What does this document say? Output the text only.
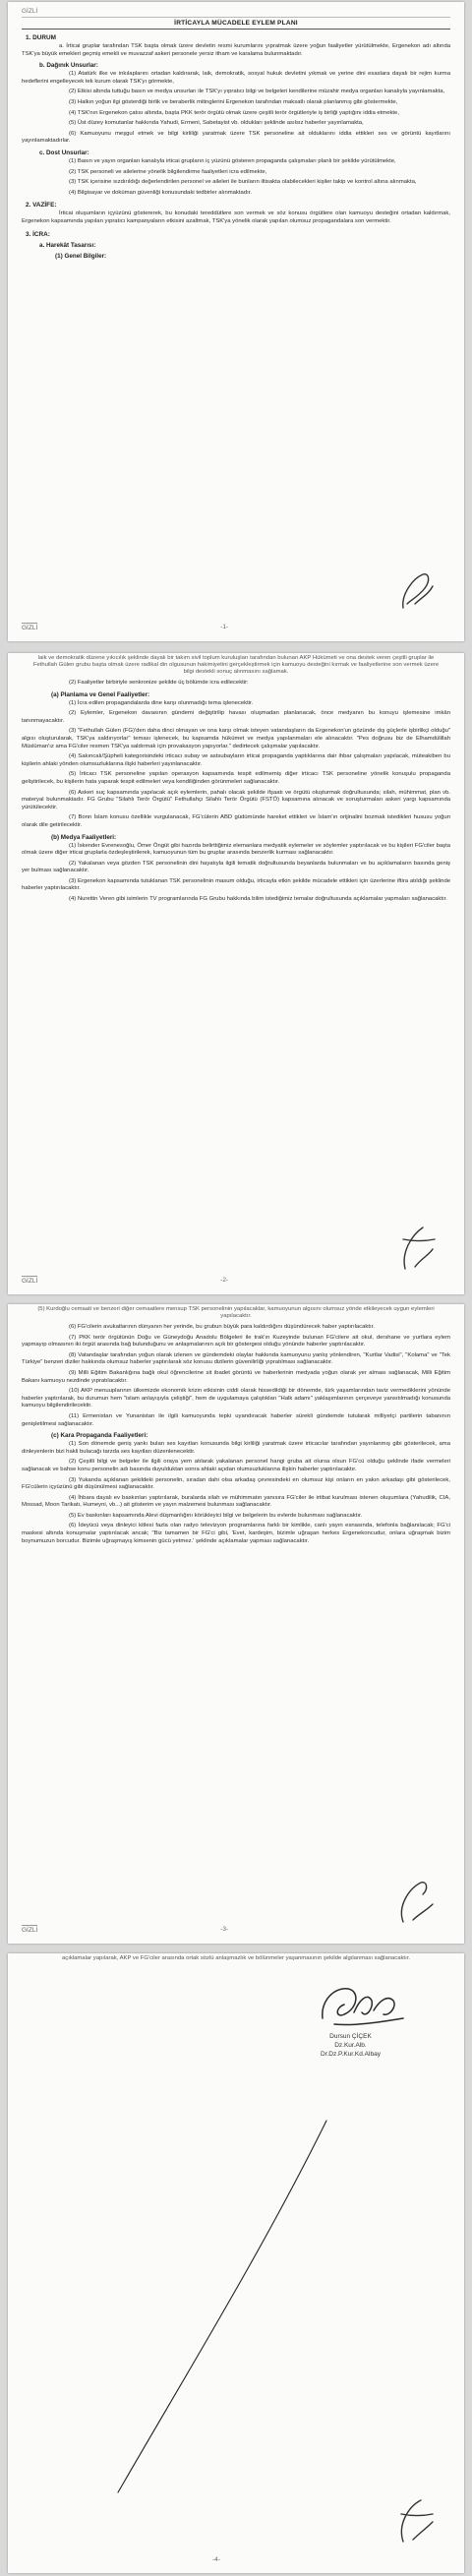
GİZLİ
İRTİCAYLA MÜCADELE EYLEM PLANI
1. DURUM

a. İrticai gruplar tarafından TSK başta olmak üzere devletin resmi kurumlarını yıpratmak üzere yoğun faaliyetler yürütülmekte, Ergenekon adı altında TSK'ya büyük emekleri geçmiş emekli ve muvazzaf askeri personele yersiz itham ve karalama bulunmaktadır.

b. Dağınık Unsurlar:

(1) Atatürk ilke ve inkılaplarını ortadan kaldırarak, laik, demokratik, sosyal hukuk devletini yıkmak ve yerine dini esaslara dayalı bir rejim kurma hedeflerini engelleyecek tek kurum olarak TSK'yı görmekte,

(2) Etkisi altında tuttuğu basın ve medya unsurları ile TSK'yı yıpratıcı bilgi ve belgeleri kendilerine müzahir medya organları kanalıyla yayınlamakta,

(3) Halkın yoğun ilgi gösterdiği birlik ve beraberlik mitinglerini Ergenekon tarafından maksatlı olarak planlanmış gibi göstermekte,

(4) TSK'nın Ergenekon çatısı altında, başta PKK terör örgütü olmak üzere çeşitli terör örgütleriyle iş birliği yaptığını iddia etmekte,

(5) Üst düzey komutanlar hakkında Yahudi, Ermeni, Sabetayist vb. oldukları şeklinde asılsız haberler yayınlamakta,

(6) Kamuoyunu meşgul etmek ve bilgi kirliliği yaratmak üzere TSK personeline ait olduklarını iddia ettikleri ses ve görüntü kayıtlarını yayınlamaktadırlar.

c. Dost Unsurlar:

(1) Basın ve yayın organları kanalıyla irticai grupların iç yüzünü gösteren propaganda çalışmaları planlı bir şekilde yürütülmekte,

(2) TSK personeli ve ailelerine yönelik bilgilendirme faaliyetleri icra edilmekte,

(3) TSK içerisine sızdırıldığı değerlendirilen personel ve aileleri ile bunların iltisakta olabilecekleri kişiler takip ve kontrol altına alınmakta,

(4) Bilgisayar ve doküman güvenliği konusundaki tedbirler alınmaktadır.

2. VAZİFE:

İrticai oluşumların içyüzünü göstererek, bu konudaki tereddütlere son vermek ve söz konusu örgütlere olan kamuoyu desteğini ortadan kaldırmak, Ergenekon kapsamında yapılan yıpratıcı kampanyaların etkisini azaltmak, TSK'ya yönelik olarak yapılan olumsuz propagandalara son vermektir.

3. İCRA:
a. Harekât Tasarısı:
(1) Genel Bilgiler:
GİZLİ	-1-
laik ve demokratik düzene yıkıcılık şeklinde dayalı bir takım sivil toplum kuruluşları tarafından bulunan AKP Hükümeti ve ona destek veren çeşitli gruplar ile Fethullah Gülen grubu başta olmak üzere radikal din olgusunun hakimiyetini gerçekleştirmek için kamuoyu desteğini kırmak ve faaliyetlerine son vermek üzere bilgi destekli sonuç alınmasını sağlamak.

(2) Faaliyetler birbiriyle senkronize şekilde üç bölümde icra edilecektir:

(a) Planlama ve Genel Faaliyetler:

(1) İcra edilen propagandalarda dine karşı olunmadığı tema işlenecektir.

(2) Eylemler, Ergenekon davasının gündemi değiştirilip havası oluşmadan planlanacak, önce medyanın bu konuyu işlemesine imkân tanınmayacaktır.

(3) "Fethullah Gülen (FG)'den daha dinci olmayan ve ona karşı olmak isteyen vatandaşların da Ergenekon'un gözünde dış güçlerle işbirlikçi olduğu" algısı oluşturularak, TSK'ya saldırıyorlar" teması işlenecek, bu kapsamda hükümet ve medya yapılanmaları ele alınacaktır. "Pes doğrusu biz de Elhamdülillah Müslüman'ız ama FG'ciler resmen TSK'ya saldırmak için provakasyon yapıyorlar." dedirtecek çalışmalar yapılacaktır.

(4) Sakıncalı/Şüpheli kategorisindeki irticacı subay ve astsubayların irticai propaganda yaptıklarına dair ihbar çalışmaları yapılacak, müteakiben bu kişilerin ahlaki yönden olumsuzluklarına ilişki haberleri yayınlanacaktır.

(5) İrticacı TSK personeline yapılan operasyon kapsamında tespit edilmemiş diğer irticacı TSK personeline yönelik konuşulu propaganda geliştirilecek, bu kişilerin hata yaparak tespit edilmeleri veya kendiliğinden görünmeleri sağlanacaktır.

(6) Askeri suç kapsamında yapılacak açık eylemlerin, pahalı olacak şekilde ifşaatı ve örgütü oluşturmak doğrultusunda; silah, mühimmat, plan vb. materyal bulunmaktadır. FG Grubu "Silahlı Terör Örgütü" Fethullahçı Silahlı Terör Örgütü (FSTÖ) kapsamına alınacak ve soruşturmaları askeri yargı kapsamında yürütülecektir.

(7) Bonn İslam konusu özellikle vurgulanacak, FG'cülerin ABD güdümünde hareket ettikleri ve İslam'ın orijinalini bozmak istedikleri hususu yoğun olarak dile getirilecektir.

(b) Medya Faaliyetleri:

(1) İskender Evrenesoğlu, Ömer Öngüt gibi hazırda belirttiğimiz elemanlara medyatik eylemeler ve söylemler yaptırılacak ve bu kişileri FG'ciler başta olmak üzere diğer irticai gruplarla özdeşleştirilerek, kamuoyunun tüm bu gruplar arasında benzerlik kurması sağlanacaktır.

(2) Yakalanan veya gözden TSK personelinin dini hayatıyla ilgili tematik doğrultusunda beyanlarda bulunmaları ve bu açıklamaların basında geniş yer bulması sağlanacaktır.

(3) Ergenekon kapsamında tutuklanan TSK personelinin masum olduğu, irticayla etkin şekilde mücadele ettikleri için üzerlerine iftira atıldığı şeklinde haberler yaptırılacaktır.

(4) Nurettin Veren gibi isimlerin TV programlarında FG Grubu hakkında bilim istediğimiz temalar doğrultusunda açıklamalar yapmaları sağlanacaktır.

GİZLİ	-2-
(5) Kurdoğlu cemaati ve benzeri diğer cemaatlere mensup TSK personelinin yapılacaklar, kamuoyunun algısını olumsuz yönde etkileyecek uygun eylemleri yapılacaktır.

(6) FG'cilerin avukatlarının dünyanın her yerinde, bu grubun büyük para kaldırdığını düşündürecek haber yaptırılacaktır.

(7) PKK terör örgütünün Doğu ve Güneydoğu Anadolu Bölgeleri ile trak'ın Kuzeyinde bulunan FG'cilere ait okul, dershane ve yurtlara eylem yapmayıp olmasının iki örgüt arasında bağ bulunduğunu ve anlaşmalarının açık bir göstergesi olduğu yönünde haberler yaptırılacaktır.

(8) Vatandaşlar tarafından yoğun olarak izlenen ve gündemdeki olaylar hakkında kamuoyunu yanlış yönlendiren, "Kurtlar Vadisi", "Kolama" ve "Tek Türkiye" benzeri diziler hakkında olumsuz haberler yaptırılarak söz konusu dizilerin güvenilirliği yıpratılması sağlanacaktır.

(9) Milli Eğitim Bakanlığına bağlı okul öğrencilerine sit ibadet görüntü ve haberlerinin medyada yoğun olarak yer alması sağlanacak, Milli Eğitim Bakanı kamuoyu nezdinde yıpratılacaktır.

(10) AKP menuuplarının ülkemizde ekonomik krizin etkisinin ciddi olarak hissedildiği bir dönemde, türk yaşamlarından taviz vermediklerini yönünde haberler yaptırılarak, bu durumun hem "islam anlayışıyla çeliştiği", hem de uygulamaya çalıştıkları "Halk adamı" yaklaşımlarının çerçeveye yansıtılmadığı konusunda kamuoyu bilgilendirilecektir.

(11) Ermenistan ve Yunanistan ile ilgili kamuoyunda tepki uyandıracak haberler sürekli gündemde tutularak milliyetçi partilerin tabanının genişletilmesi sağlanacaktır.

(c) Kara Propaganda Faaliyetleri:

(1) Son dönemde geniş yankı bulan ses kayıtları konusunda bilgi kirliliği yaratmak üzere irticacılar tarafından yayınlanmış gibi gösterilecek, ama dinleyenlerin bizi hakli bulacağı tarzda ses kayıtları düzenlenecektir.

(2) Çeşitli bilgi ve belgeler ile ilgili oraya yem atılarak yakalanan personel hangi gruba ait olursa olsun FG'cü olduğu şeklinde ifade vermeleri sağlanacak ve bahse konu personelin adı basında duyulduktan sonra ahlaki açıdan olumsuzluklarına ilişkin haberler yaptırılacaktır.

(3) Yukarıda açıklanan şekildeki personelin, sıradan dahi olsa arkadaş çevresindeki en olumsuz kişi onların en yakın arkadaşı gibi gösterilecek, FG'cülerin içyüzünü gibi düşünülmesi sağlanacaktır.

(4) İhbara dayalı ev baskınları yaptırılarak, buralarda silah ve mühimmatın yanısıra FG'ciler ile irtibat kurulması istenen oluşumlara (Yahudilik, CIA, Mossad, Moon Tarikatı, Humeyni, vb...) ait gösterim ve yayın malzemesi bulunması sağlanacaktır.

(5) Ev baskınları kapsamında Alevi düşmanlığını körükleyici bilgi ve belgelerin bu evlerde bulunması sağlanacaktır.

(6) İdeyücü veya dinleyici kitlesi fazla olan radyo televizyon programlarına farklı bir kimlikle, canlı yayın esnasında, telefonla bağlanılacak; FG'ci maskesi altında konuşmalar yaptırılacak ancak; "Biz tamamen bir FG'ci gibi, 'Evet, kardeşim, bizimle uğraşan herkes Ergenekoncudur, onlara uğraşmak bizim boynumuzun borcudur. Bizimle uğraşmayış kimsenin gücü yetmez.' şeklinde açıklamalar yapması sağlanacaktır.

GİZLİ	-3-
açıklamalar yapılarak, AKP ve FG'ciler arasında ortak sözlü anlaşmazlık ve bölünmeler yaşanmasının şekilde algılanması sağlanacaktır.
Dursun ÇİÇEK
Dz.Kur.Alb.
Dr.Dz.P.Kur.Kd.Albay
-4-
